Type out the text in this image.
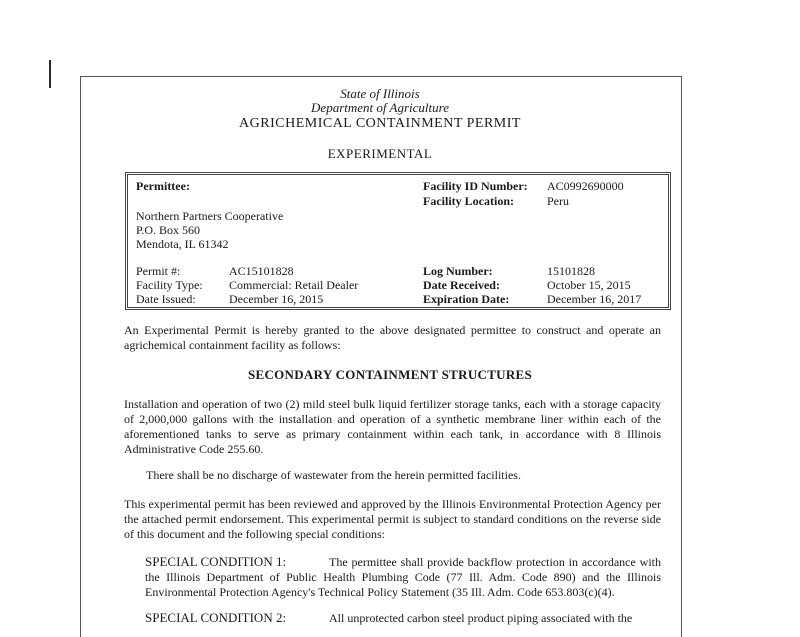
State of Illinois
Department of Agriculture
AGRICHEMICAL CONTAINMENT PERMIT
EXPERIMENTAL
Permittee:	Facility ID Number: AC0992690000
Facility Location:	Peru
Northern Partners Cooperative
P.O. Box 560
Mendota, IL 61342
Permit #:	AC15101828	Log Number:	15101828
Facility Type: Commercial: Retail Dealer	Date Received:	October 15, 2015
Date Issued:	December 16, 2015	Expiration Date:	December 16, 2017

An Experimental Permit is hereby granted to the above designated permittee to construct and operate an agrichemical containment facility as follows:

SECONDARY CONTAINMENT STRUCTURES

Installation and operation of two (2) mild steel bulk liquid fertilizer storage tanks, each with a storage capacity of 2,000,000 gallons with the installation and operation of a synthetic membrane liner within each of the aforementioned tanks to serve as primary containment within each tank, in accordance with 8 Illinois Administrative Code 255.60.

There shall be no discharge of wastewater from the herein permitted facilities.

This experimental permit has been reviewed and approved by the Illinois Environmental Protection Agency per the attached permit endorsement. This experimental permit is subject to standard conditions on the reverse side of this document and the following special conditions:

SPECIAL CONDITION 1:	The permittee shall provide backflow protection in accordance with the Illinois Department of Public Health Plumbing Code (77 Ill. Adm. Code 890) and the Illinois Environmental Protection Agency's Technical Policy Statement (35 Ill. Adm. Code 653.803(c)(4).

SPECIAL CONDITION 2:	All unprotected carbon steel product piping associated with the
